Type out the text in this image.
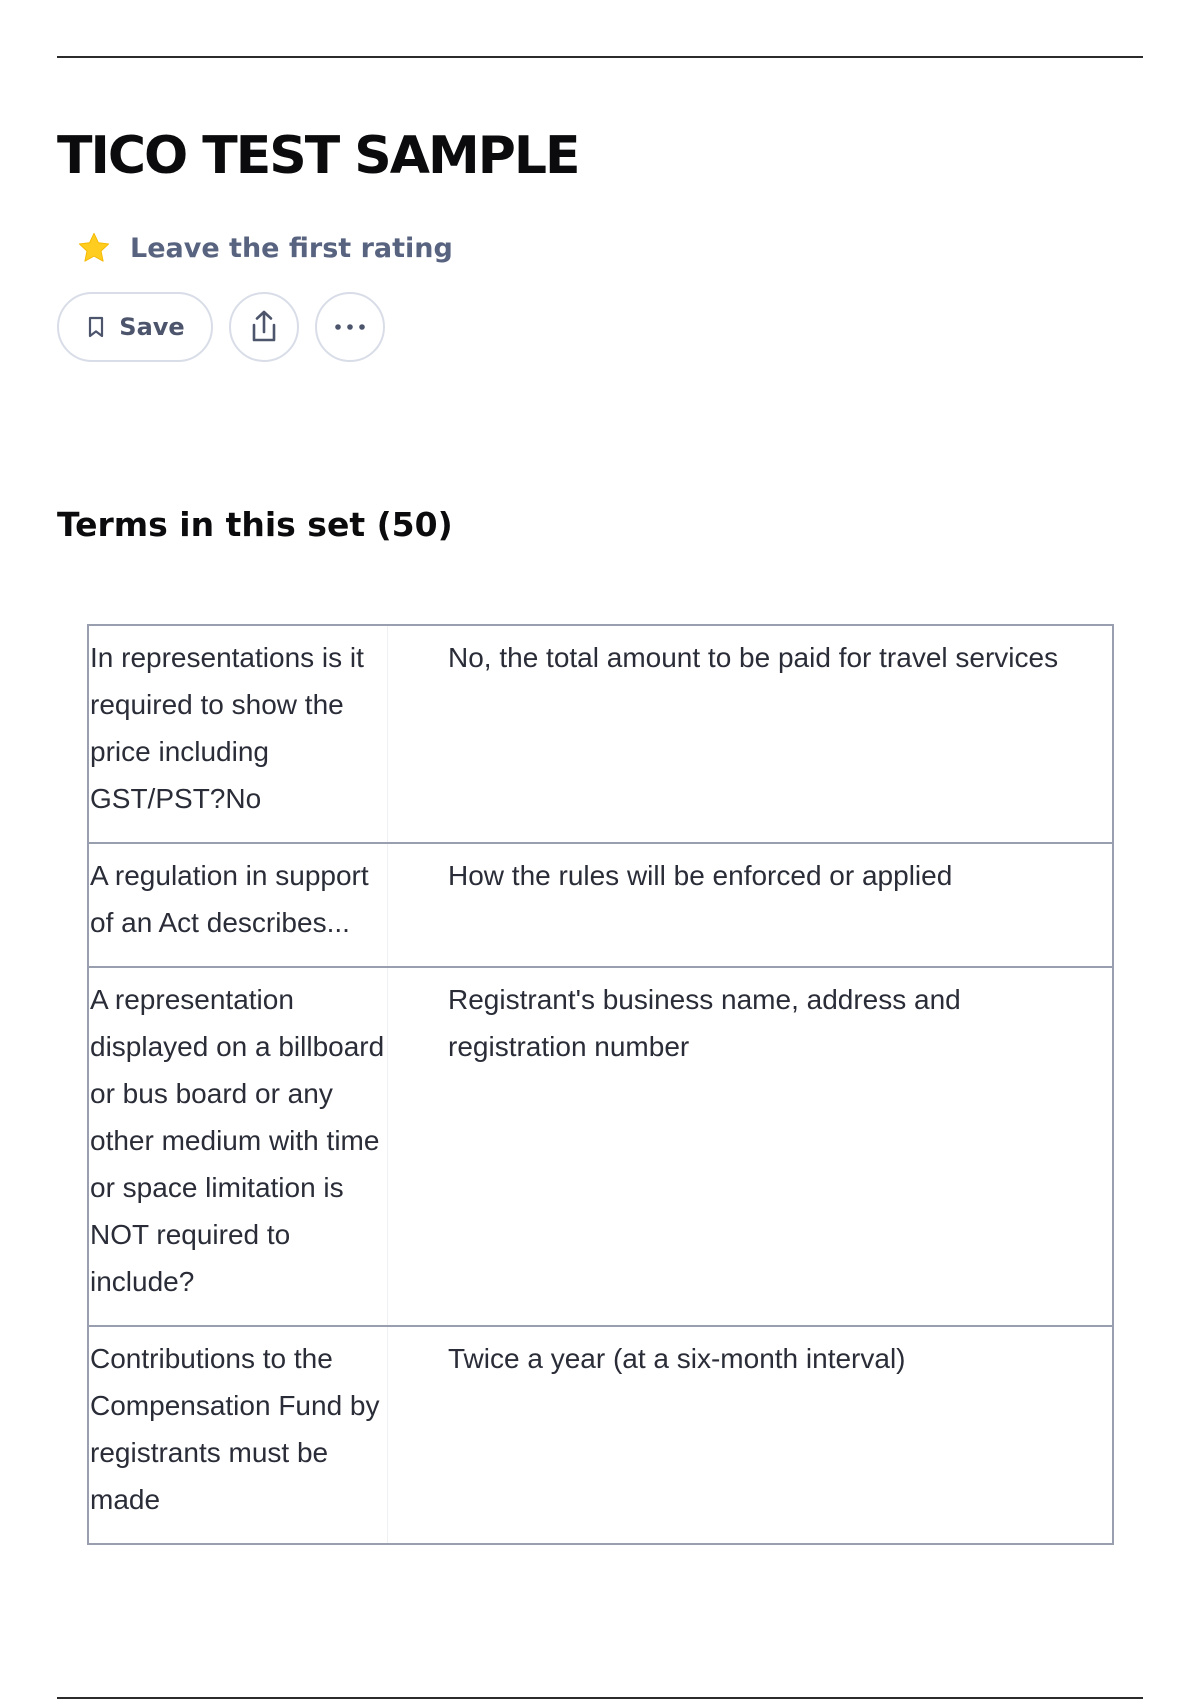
TICO TEST SAMPLE
Leave the first rating
Save
Terms in this set (50)
In representations is it required to show the price including GST/PST?No	No, the total amount to be paid for travel services
A regulation in support of an Act describes...	How the rules will be enforced or applied
A representation displayed on a billboard or bus board or any other medium with time or space limitation is NOT required to include?	Registrant's business name, address and registration number
Contributions to the Compensation Fund by registrants must be made	Twice a year (at a six-month interval)
